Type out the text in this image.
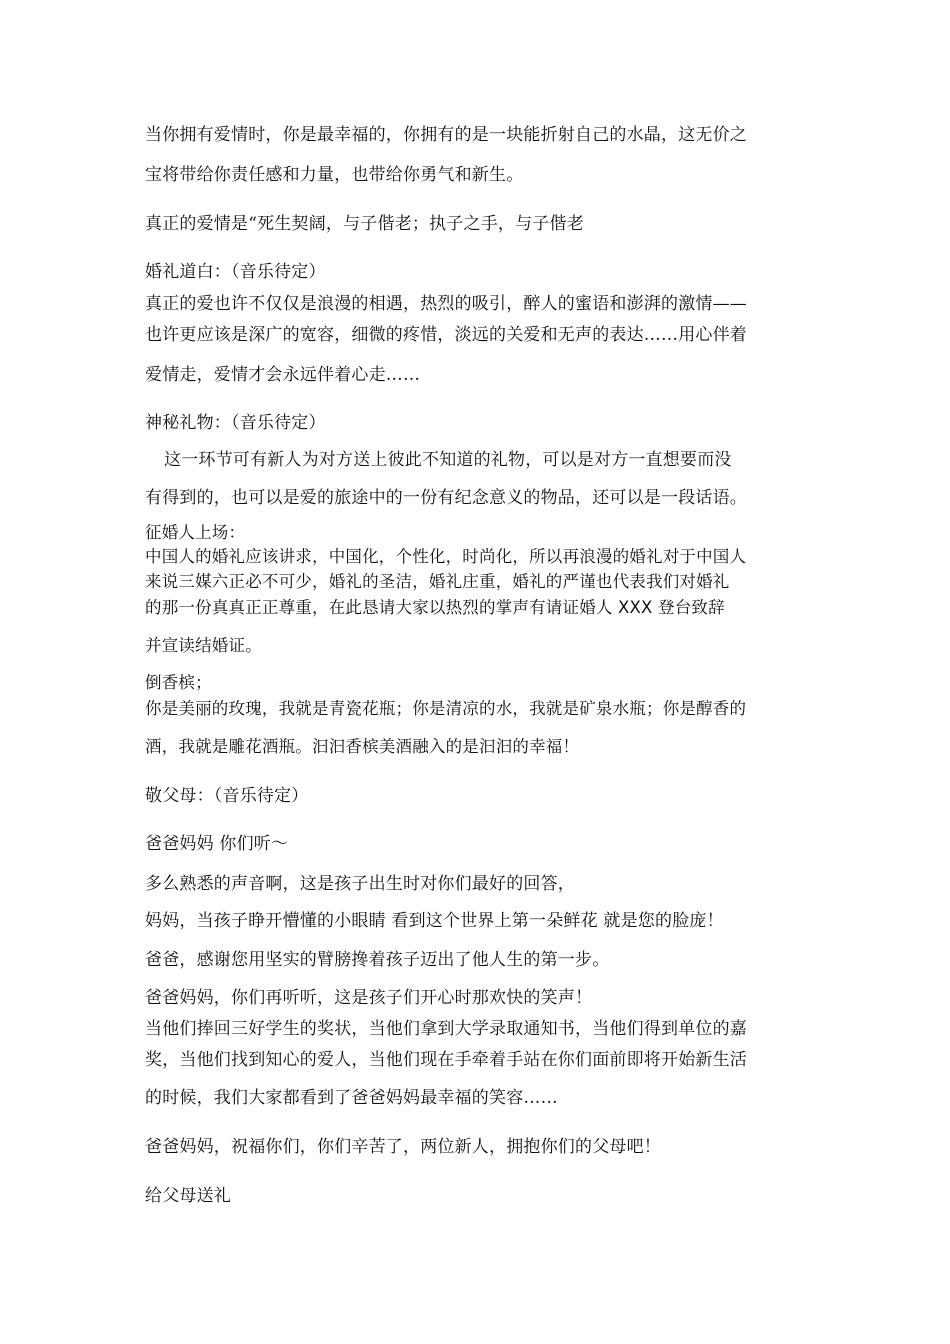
当你拥有爱情时，你是最幸福的，你拥有的是一块能折射自己的水晶，这无价之
宝将带给你责任感和力量，也带给你勇气和新生。
真正的爱情是“死生契阔，与子偕老；执子之手，与子偕老
婚礼道白：（音乐待定）
真正的爱也许不仅仅是浪漫的相遇，热烈的吸引，醉人的蜜语和澎湃的激情——
也许更应该是深广的宽容，细微的疼惜，淡远的关爱和无声的表达……用心伴着
爱情走，爱情才会永远伴着心走……
神秘礼物：（音乐待定）
这一环节可有新人为对方送上彼此不知道的礼物，可以是对方一直想要而没
有得到的，也可以是爱的旅途中的一份有纪念意义的物品，还可以是一段话语。
征婚人上场：
中国人的婚礼应该讲求，中国化，个性化，时尚化，所以再浪漫的婚礼对于中国人
来说三媒六正必不可少，婚礼的圣洁，婚礼庄重，婚礼的严谨也代表我们对婚礼
的那一份真真正正尊重，在此恳请大家以热烈的掌声有请证婚人 XXX 登台致辞
并宣读结婚证。
倒香槟；
你是美丽的玫瑰，我就是青瓷花瓶；你是清凉的水，我就是矿泉水瓶；你是醇香的
酒，我就是雕花酒瓶。汩汩香槟美酒融入的是汩汩的幸福！
敬父母：（音乐待定）
爸爸妈妈 你们听～
多么熟悉的声音啊，这是孩子出生时对你们最好的回答，
妈妈，当孩子睁开懵懂的小眼睛 看到这个世界上第一朵鲜花 就是您的脸庞！
爸爸，感谢您用坚实的臂膀搀着孩子迈出了他人生的第一步。
爸爸妈妈，你们再听听，这是孩子们开心时那欢快的笑声！
当他们捧回三好学生的奖状，当他们拿到大学录取通知书，当他们得到单位的嘉
奖，当他们找到知心的爱人，当他们现在手牵着手站在你们面前即将开始新生活
的时候，我们大家都看到了爸爸妈妈最幸福的笑容……
爸爸妈妈，祝福你们，你们辛苦了，两位新人，拥抱你们的父母吧！
给父母送礼
